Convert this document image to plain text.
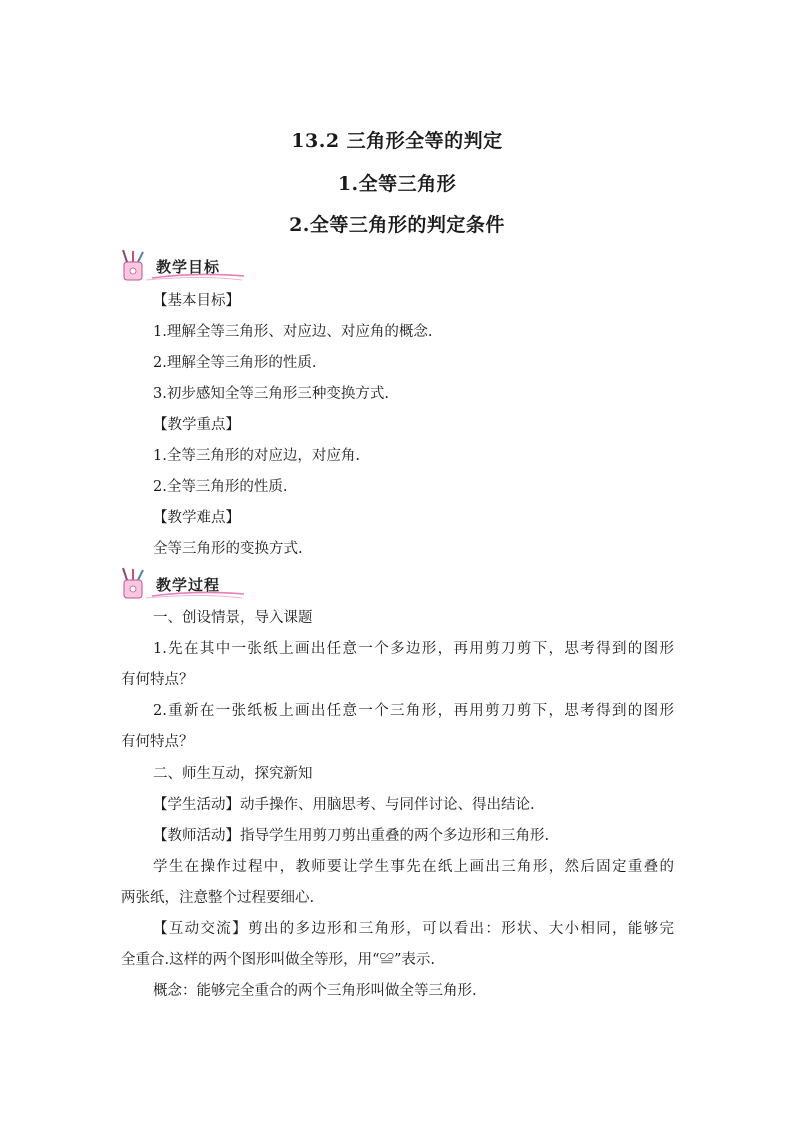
13.2 三角形全等的判定
1.全等三角形
2.全等三角形的判定条件
教学目标
【基本目标】
1.理解全等三角形、对应边、对应角的概念.
2.理解全等三角形的性质.
3.初步感知全等三角形三种变换方式.
【教学重点】
1.全等三角形的对应边，对应角.
2.全等三角形的性质.
【教学难点】
全等三角形的变换方式.
教学过程
一、创设情景，导入课题
1.先在其中一张纸上画出任意一个多边形，再用剪刀剪下，思考得到的图形
有何特点？
2.重新在一张纸板上画出任意一个三角形，再用剪刀剪下，思考得到的图形
有何特点？
二、师生互动，探究新知
【学生活动】动手操作、用脑思考、与同伴讨论、得出结论.
【教师活动】指导学生用剪刀剪出重叠的两个多边形和三角形.
学生在操作过程中，教师要让学生事先在纸上画出三角形，然后固定重叠的
两张纸，注意整个过程要细心.
【互动交流】剪出的多边形和三角形，可以看出：形状、大小相同，能够完
全重合.这样的两个图形叫做全等形，用“≌”表示.
概念：能够完全重合的两个三角形叫做全等三角形.
